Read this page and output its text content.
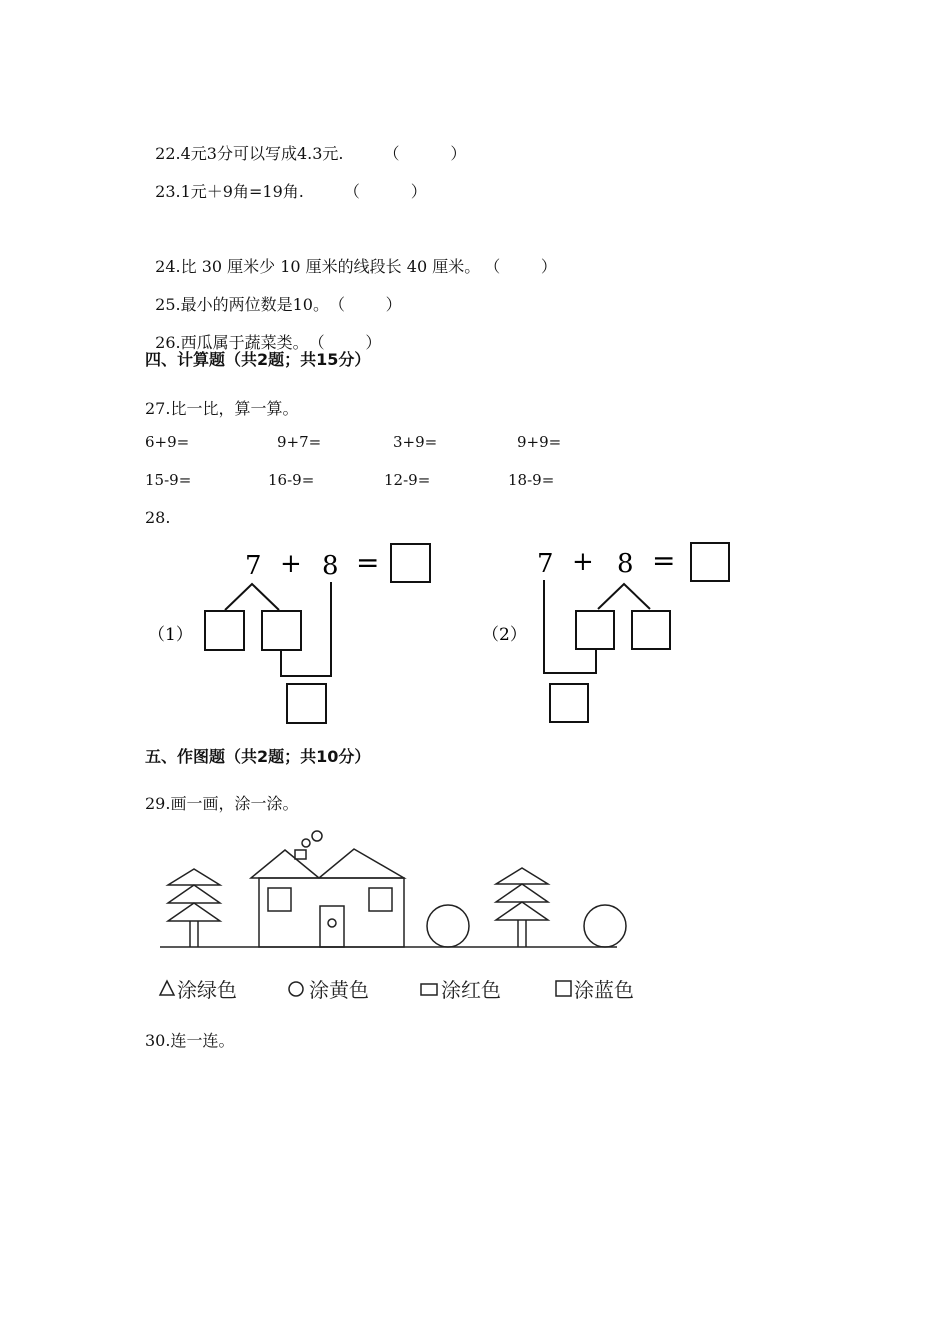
22.4元3分可以写成4.3元.	（          ）

23.1元＋9角=19角.	（          ）

24.比 30 厘米少 10 厘米的线段长 40 厘米。 （        ）

25.最小的两位数是10。（        ）

26.西瓜属于蔬菜类。（        ）

四、计算题（共2题；共15分）
27.比一比，算一算。
6+9=	9+7=	3+9=	9+9=
15-9=	16-9=	12-9=	18-9=
28.
（1）
7 + 8 =
（2）
7 + 8 =
五、作图题（共2题；共10分）
29.画一画，涂一涂。
涂绿色	涂黄色	涂红色	涂蓝色
30.连一连。
